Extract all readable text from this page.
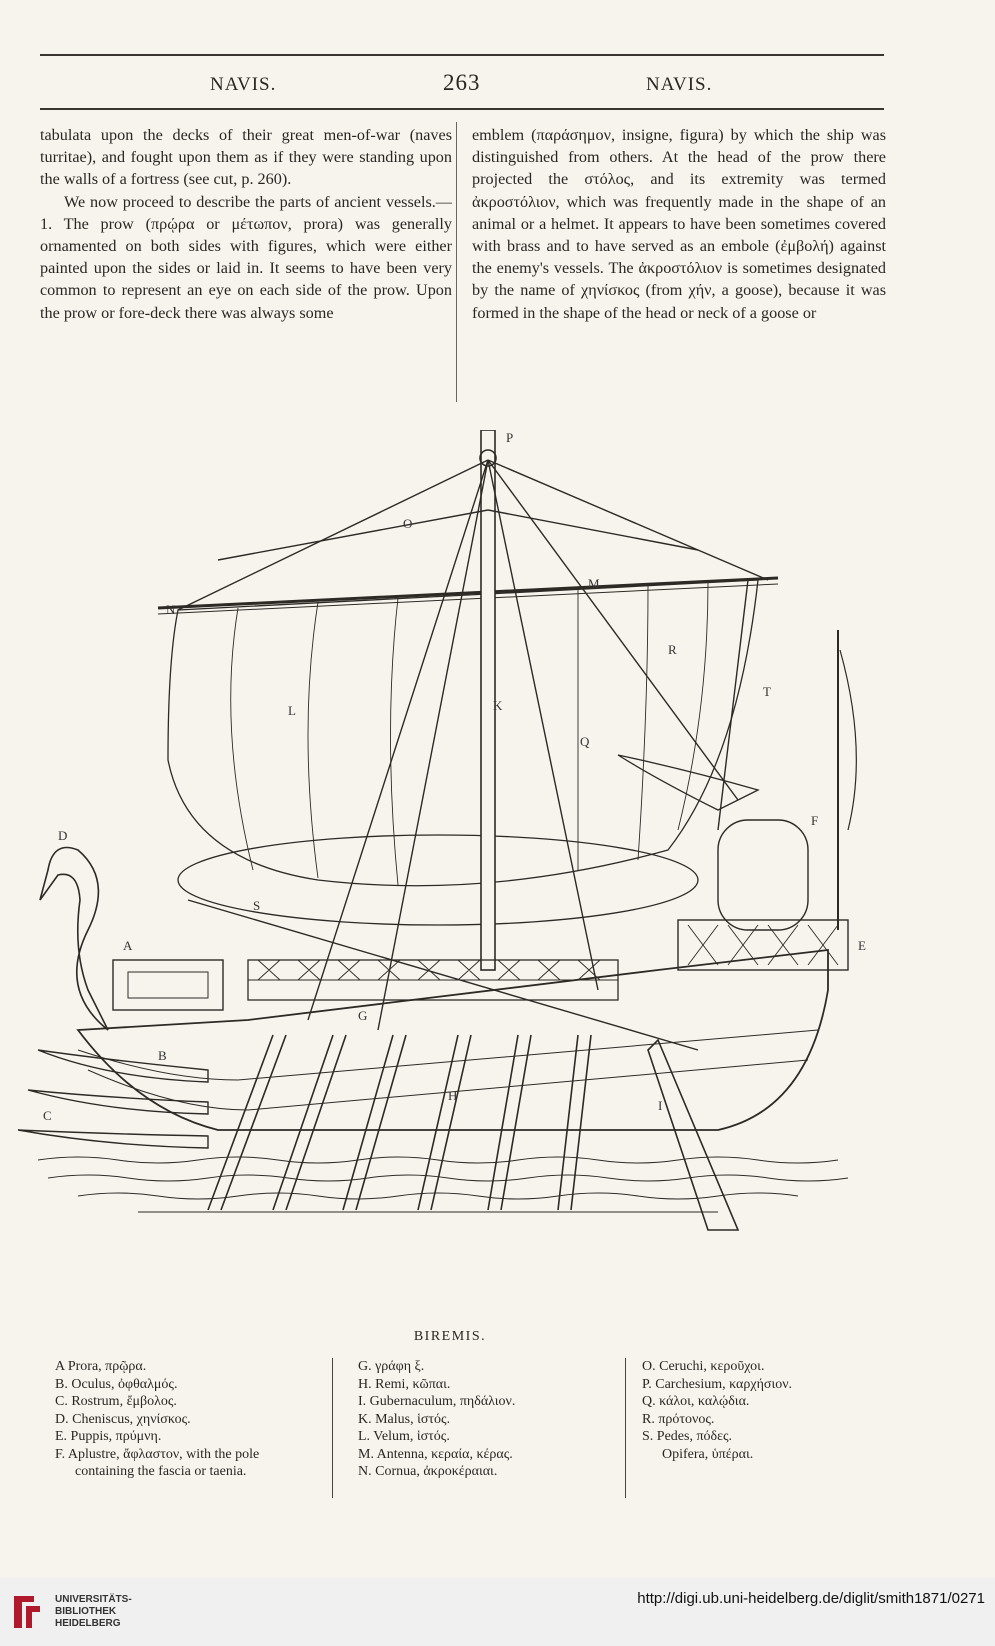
NAVIS.	263	NAVIS.

tabulata upon the decks of their great men-of-war (naves turritae), and fought upon them as if they were standing upon the walls of a fortress (see cut, p. 260).

We now proceed to describe the parts of ancient vessels.—1. The prow (πρῴρα or μέτωπον, prora) was generally ornamented on both sides with figures, which were either painted upon the sides or laid in. It seems to have been very common to represent an eye on each side of the prow. Upon the prow or fore-deck there was always some

emblem (παράσημον, insigne, figura) by which the ship was distinguished from others. At the head of the prow there projected the στόλος, and its extremity was termed ἀκροστόλιον, which was frequently made in the shape of an animal or a helmet. It appears to have been sometimes covered with brass and to have served as an embole (ἐμβολή) against the enemy's vessels. The ἀκροστόλιον is sometimes designated by the name of χηνίσκος (from χήν, a goose), because it was formed in the shape of the head or neck of a goose or

A
B
C
D
E
F
G
H
I
K
L
M
N
O
P
Q
R
S
T
BIREMIS.
A Prora, πρῷρα.
B. Oculus, ὀφθαλμός.
C. Rostrum, ἔμβολος.
D. Cheniscus, χηνίσκος.
E. Puppis, πρύμνη.
F. Aplustre, ἄφλαστον, with the pole containing the fascia or taenia.
G. γράφη ξ.
H. Remi, κῶπαι.
I. Gubernaculum, πηδάλιον.
K. Malus, ἱστός.
L. Velum, ἱστός.
M. Antenna, κεραία, κέρας.
N. Cornua, ἀκροκέραιαι.
O. Ceruchi, κεροῦχοι.
P. Carchesium, καρχήσιον.
Q. κάλοι, καλῴδια.
R. πρότονος.
S. Pedes, πόδες.
Opifera, ὑπέραι.
UNIVERSITÄTS-
BIBLIOTHEK
HEIDELBERG
http://digi.ub.uni-heidelberg.de/diglit/smith1871/0271
